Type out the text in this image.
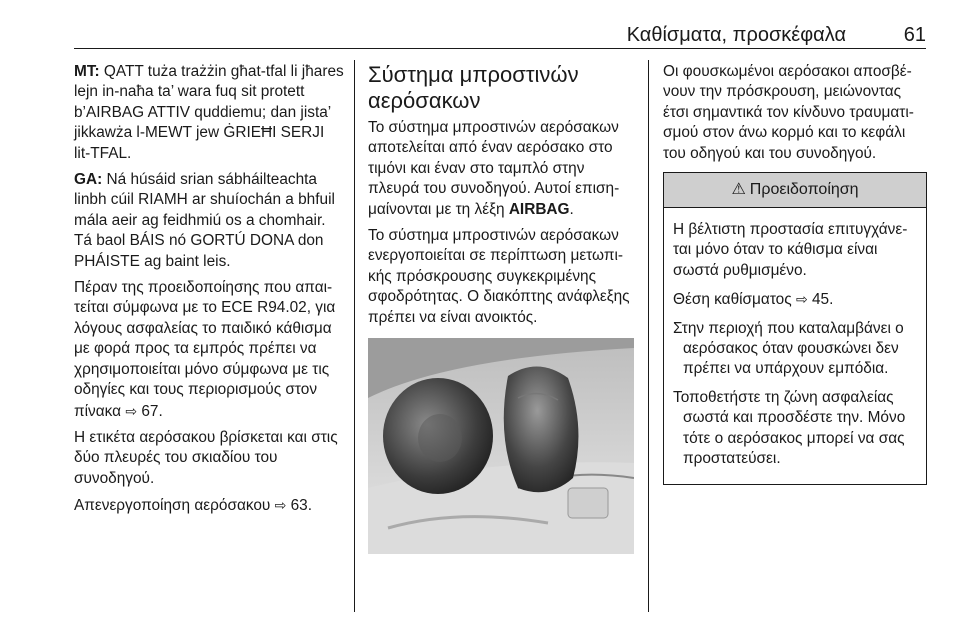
Καθίσματα, προσκέφαλα	61

MT: QATT tuża trażżin għat-tfal li jħares lejn in-naħa ta’ wara fuq sit protett b’AIRBAG ATTIV quddiemu; dan jista’ jikkawża l-MEWT jew ĠRIEĦI SERJI lit-TFAL.

GA: Ná húsáid srian sábháilteachta linbh cúil RIAMH ar shuíochán a bhfuil mála aeir ag feidhmiú os a chomhair. Tá baol BÁIS nó GORTÚ DONA don PHÁISTE ag baint leis.

Πέραν της προειδοποίησης που απαιτείται σύμφωνα με το ECE R94.02, για λόγους ασφαλείας το παιδικό κάθισμα με φορά προς τα εμπρός πρέπει να χρησιμοποιείται μόνο σύμφωνα με τις οδηγίες και τους περιορισμούς στον πίνακα ⇨ 67.

Η ετικέτα αερόσακου βρίσκεται και στις δύο πλευρές του σκιαδίου του συνοδηγού.

Απενεργοποίηση αερόσακου ⇨ 63.

Σύστημα μπροστινών αερόσακων

Το σύστημα μπροστινών αερόσακων αποτελείται από έναν αερόσακο στο τιμόνι και έναν στο ταμπλό στην πλευρά του συνοδηγού. Αυτοί επισημαίνονται με τη λέξη AIRBAG.

Το σύστημα μπροστινών αερόσακων ενεργοποιείται σε περίπτωση μετωπικής πρόσκρουσης συγκεκριμένης σφοδρότητας. Ο διακόπτης ανάφλεξης πρέπει να είναι ανοικτός.

Οι φουσκωμένοι αερόσακοι αποσβένουν την πρόσκρουση, μειώνοντας έτσι σημαντικά τον κίνδυνο τραυματισμού στον άνω κορμό και το κεφάλι του οδηγού και του συνοδηγού.

⚠ Προειδοποίηση

Η βέλτιστη προστασία επιτυγχάνεται μόνο όταν το κάθισμα είναι σωστά ρυθμισμένο.

Θέση καθίσματος ⇨ 45.

Στην περιοχή που καταλαμβάνει ο αερόσακος όταν φουσκώνει δεν πρέπει να υπάρχουν εμπόδια.

Τοποθετήστε τη ζώνη ασφαλείας σωστά και προσδέστε την. Μόνο τότε ο αερόσακος μπορεί να σας προστατεύσει.
